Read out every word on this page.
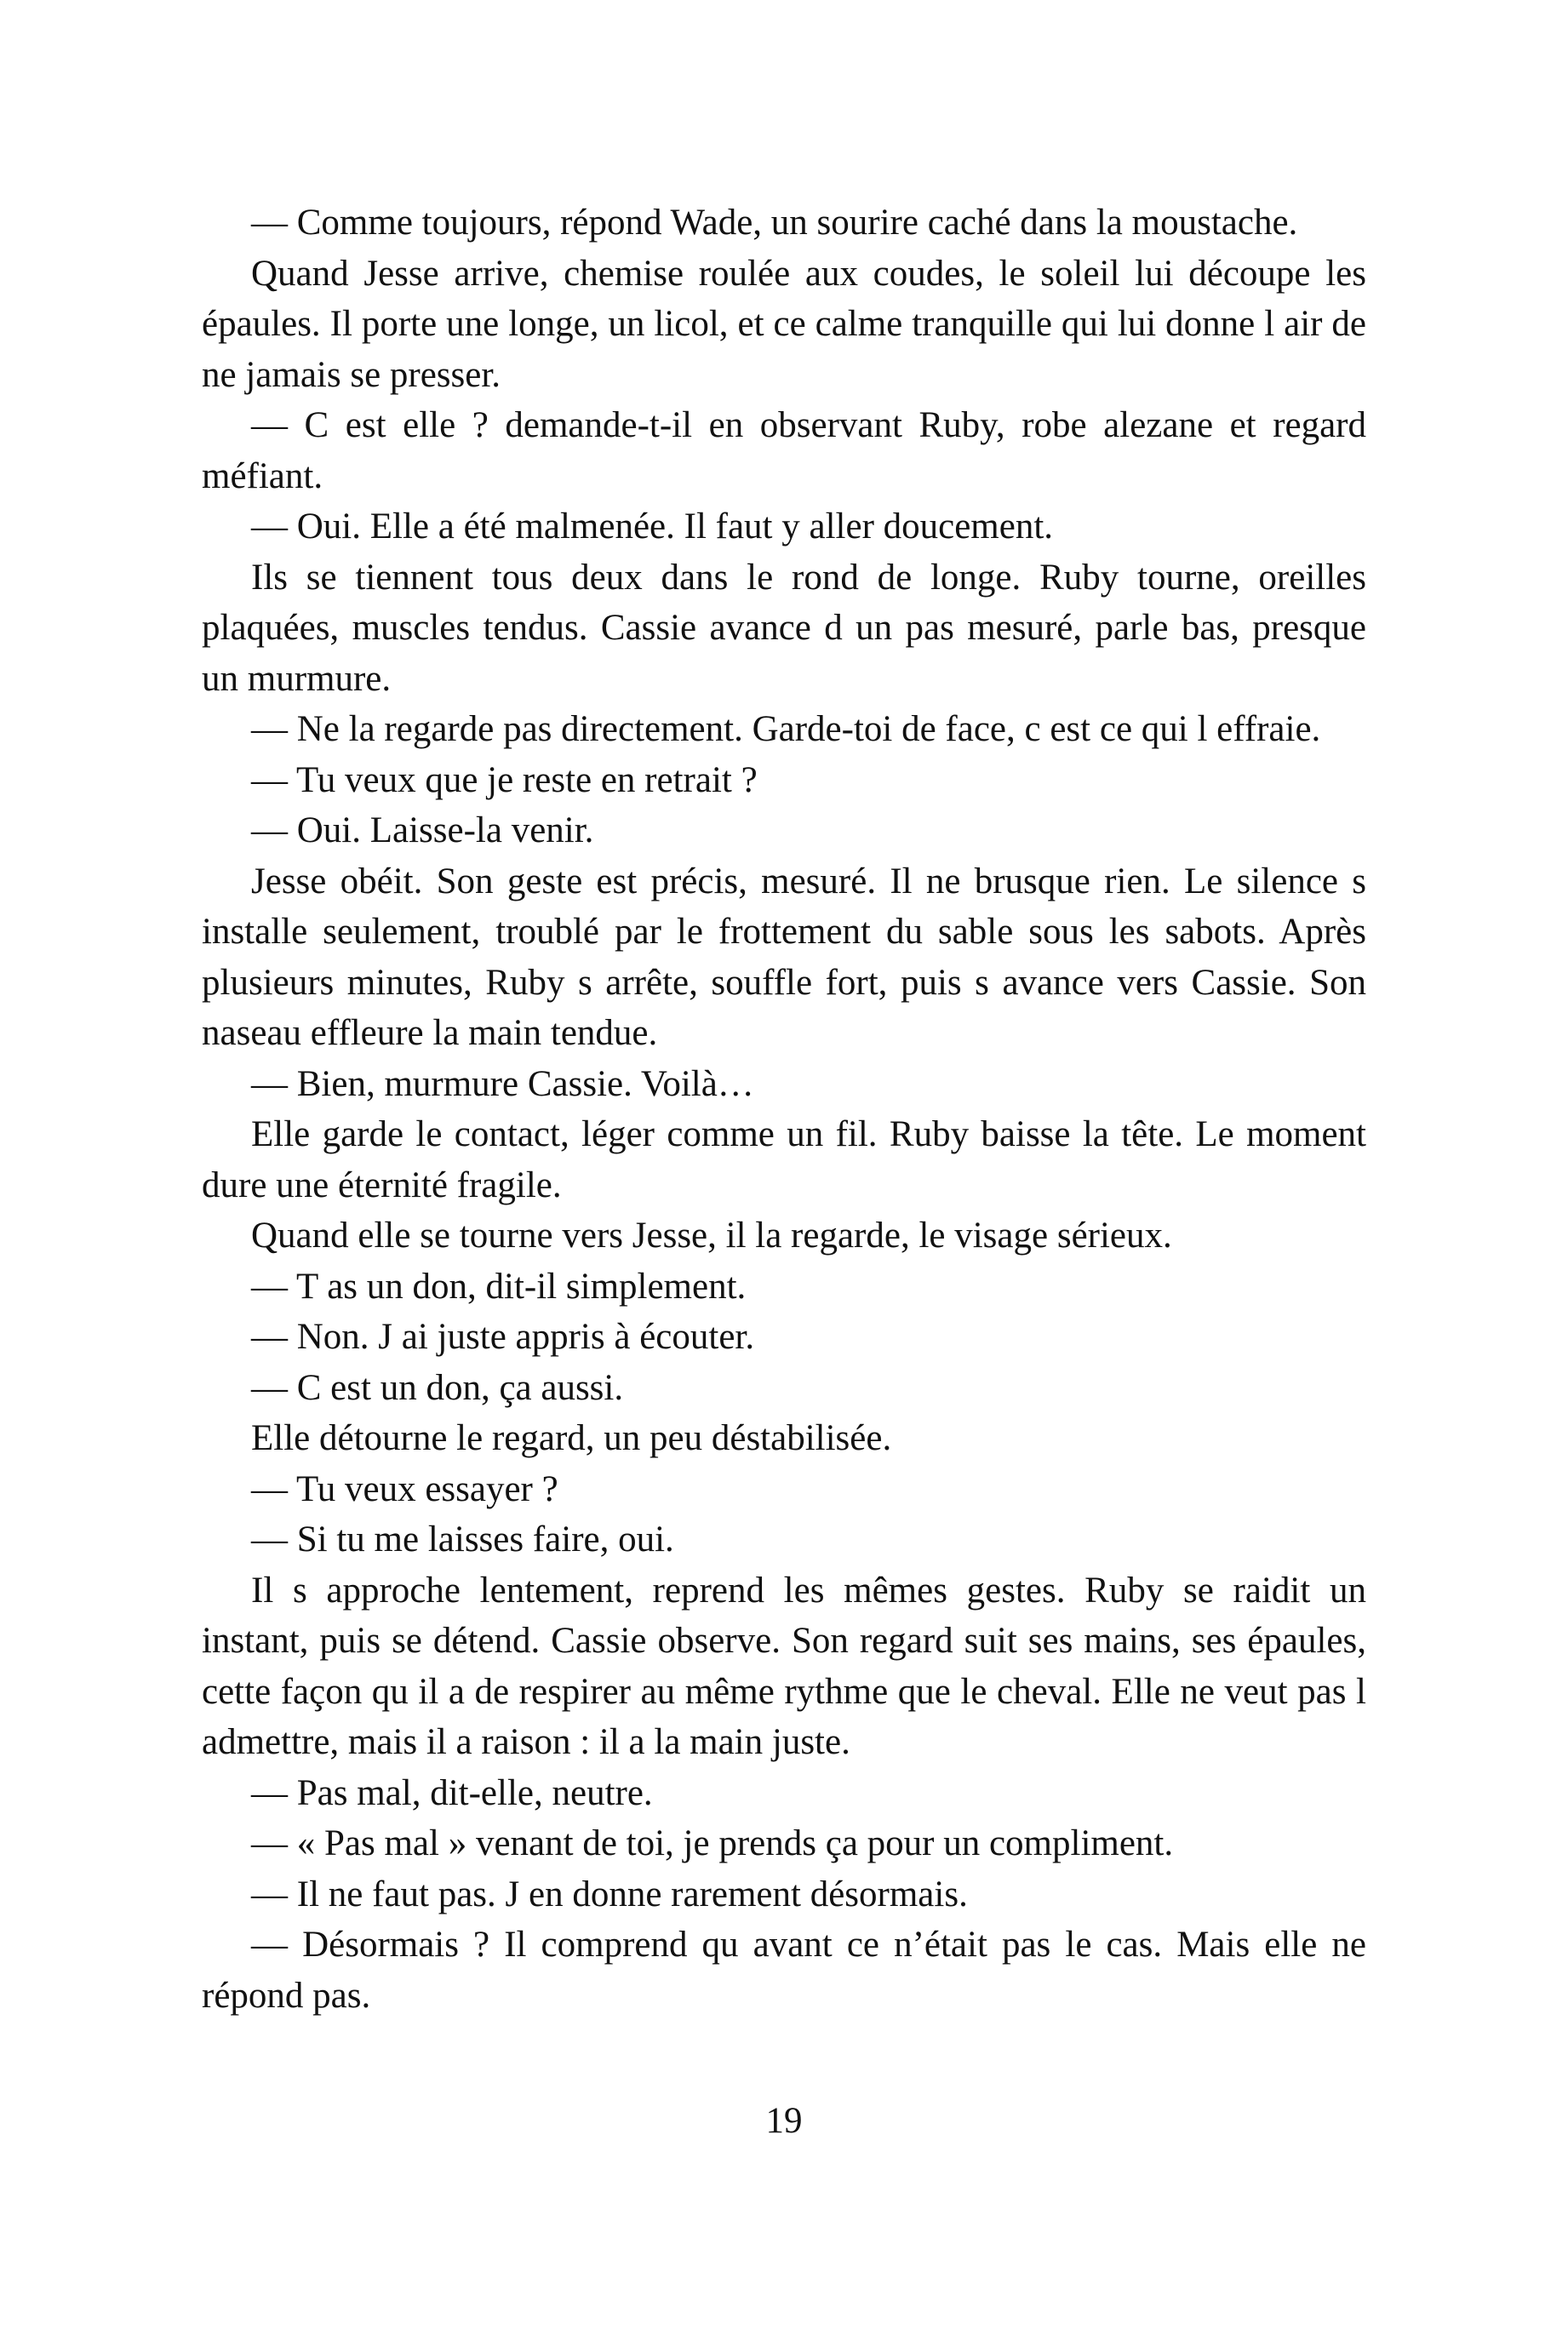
— Comme toujours, répond Wade, un sourire caché dans la moustache.

Quand Jesse arrive, chemise roulée aux coudes, le soleil lui découpe les épaules. Il porte une longe, un licol, et ce calme tranquille qui lui donne l air de ne jamais se presser.

— C est elle ? demande-t-il en observant Ruby, robe alezane et regard méfiant.

— Oui. Elle a été malmenée. Il faut y aller doucement.

Ils se tiennent tous deux dans le rond de longe. Ruby tourne, oreilles plaquées, muscles tendus. Cassie avance d un pas mesuré, parle bas, presque un murmure.

— Ne la regarde pas directement. Garde-toi de face, c est ce qui l effraie.

— Tu veux que je reste en retrait ?

— Oui. Laisse-la venir.

Jesse obéit. Son geste est précis, mesuré. Il ne brusque rien. Le silence s installe seulement, troublé par le frottement du sable sous les sabots. Après plusieurs minutes, Ruby s arrête, souffle fort, puis s avance vers Cassie. Son naseau effleure la main tendue.

— Bien, murmure Cassie. Voilà…

Elle garde le contact, léger comme un fil. Ruby baisse la tête. Le moment dure une éternité fragile.

Quand elle se tourne vers Jesse, il la regarde, le visage sérieux.

— T as un don, dit-il simplement.

— Non. J ai juste appris à écouter.

— C est un don, ça aussi.

Elle détourne le regard, un peu déstabilisée.

— Tu veux essayer ?

— Si tu me laisses faire, oui.

Il s approche lentement, reprend les mêmes gestes. Ruby se raidit un instant, puis se détend. Cassie observe. Son regard suit ses mains, ses épaules, cette façon qu il a de respirer au même rythme que le cheval. Elle ne veut pas l admettre, mais il a raison : il a la main juste.

— Pas mal, dit-elle, neutre.

— « Pas mal » venant de toi, je prends ça pour un compliment.

— Il ne faut pas. J en donne rarement désormais.

— Désormais ? Il comprend qu avant ce n’était pas le cas. Mais elle ne répond pas.

19
